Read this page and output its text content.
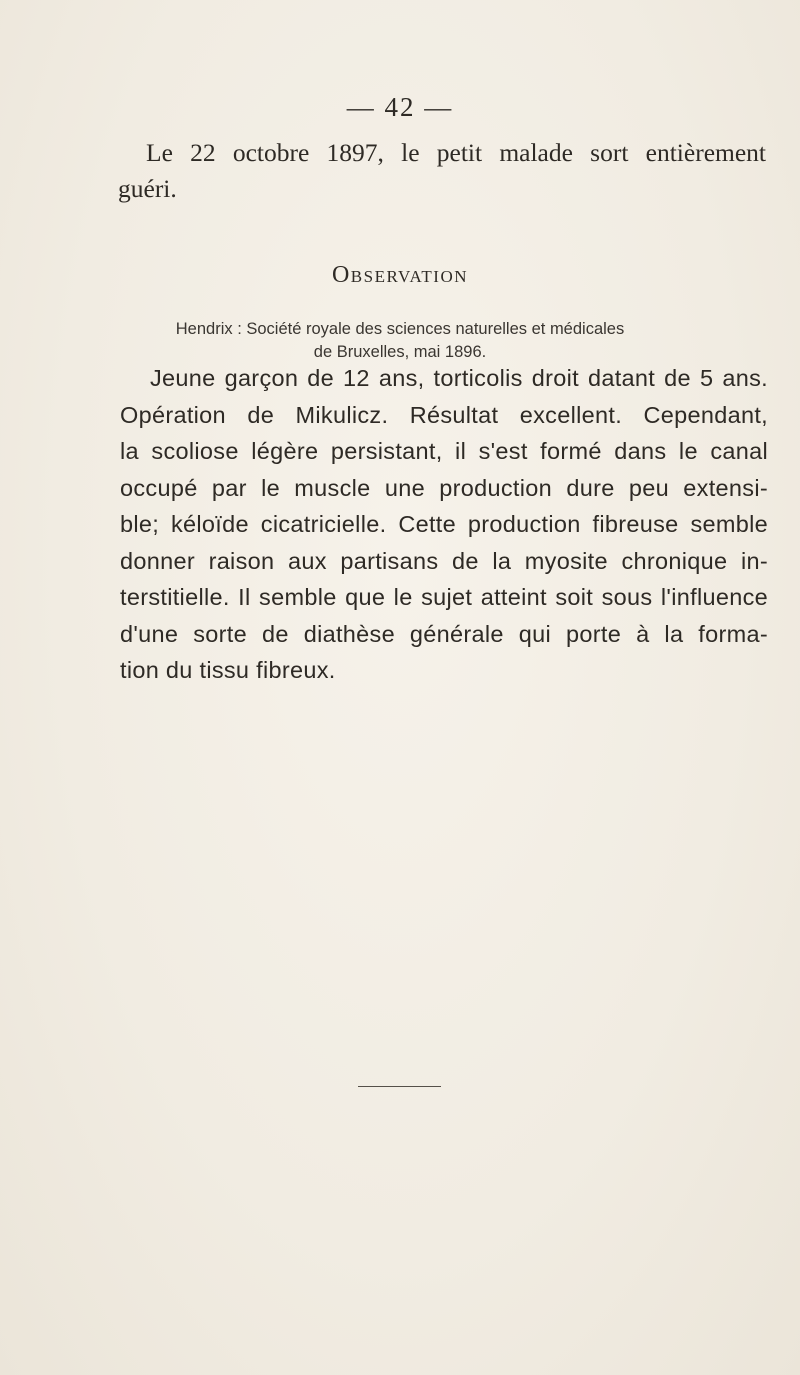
— 42 —

Le 22 octobre 1897, le petit malade sort entièrement
guéri.

Observation
Hendrix : Société royale des sciences naturelles et médicales
de Bruxelles, mai 1896.

Jeune garçon de 12 ans, torticolis droit datant de 5 ans.
Opération de Mikulicz. Résultat excellent. Cependant,
la scoliose légère persistant, il s'est formé dans le canal
occupé par le muscle une production dure peu extensi-
ble; kéloïde cicatricielle. Cette production fibreuse semble
donner raison aux partisans de la myosite chronique in-
terstitielle. Il semble que le sujet atteint soit sous l'influence
d'une sorte de diathèse générale qui porte à la forma-
tion du tissu fibreux.
